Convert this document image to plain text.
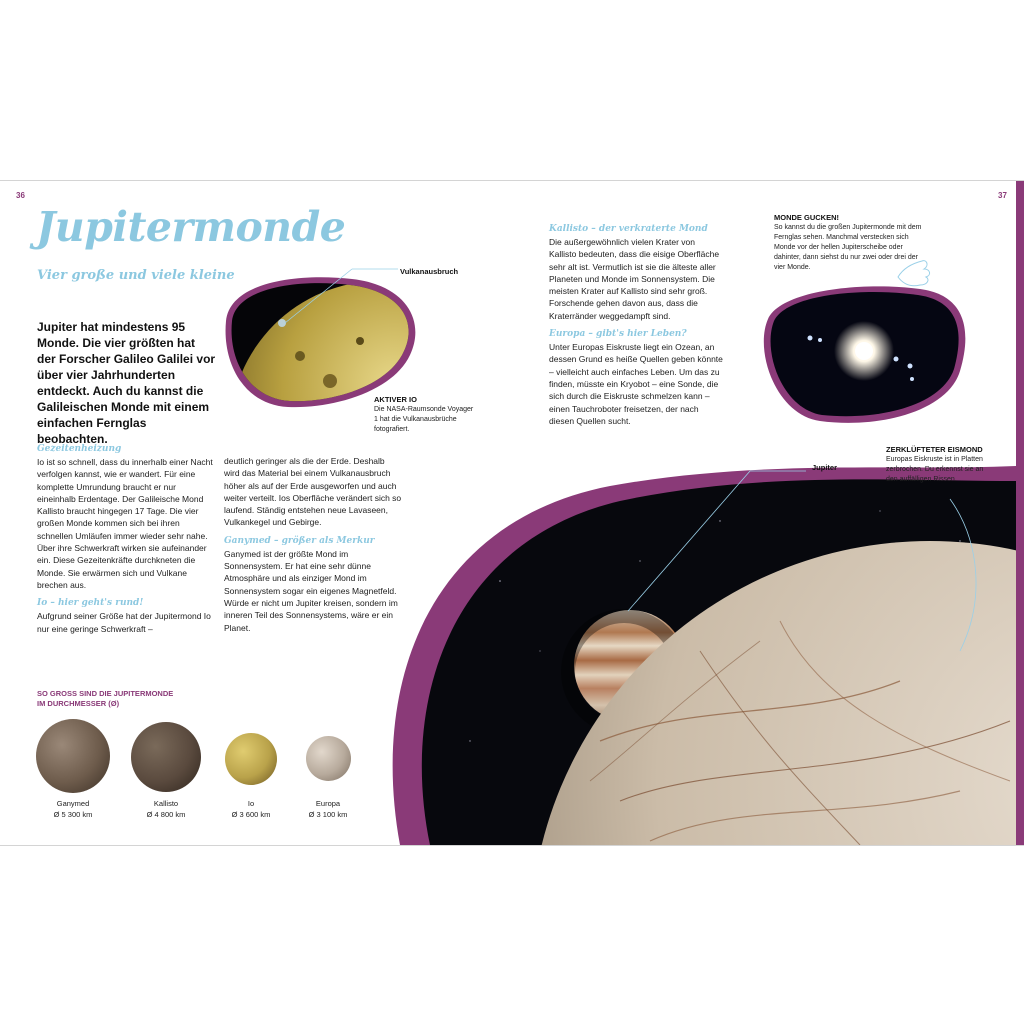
36	37
Jupitermonde
Vier große und viele kleine
Jupiter hat mindestens 95 Monde. Die vier größten hat der Forscher Galileo Galilei vor über vier Jahrhunderten entdeckt. Auch du kannst die Galileischen Monde mit einem einfachen Fernglas beobachten.
Gezeitenheizung

Io ist so schnell, dass du innerhalb einer Nacht verfolgen kannst, wie er wandert. Für eine komplette Umrundung braucht er nur eineinhalb Erdentage. Der Galileische Mond Kallisto braucht hingegen 17 Tage. Die vier großen Monde kommen sich bei ihren schnellen Umläufen immer wieder sehr nahe. Über ihre Schwerkraft wirken sie aufeinander ein. Diese Gezeitenkräfte durchkneten die Monde. Sie erwärmen sich und Vulkane brechen aus.

Io – hier geht's rund!

Aufgrund seiner Größe hat der Jupitermond Io nur eine geringe Schwerkraft –

deutlich geringer als die der Erde. Deshalb wird das Material bei einem Vulkanausbruch höher als auf der Erde ausgeworfen und auch weiter verteilt. Ios Oberfläche verändert sich so laufend. Ständig entstehen neue Lavaseen, Vulkankegel und Gebirge.

Ganymed – größer als Merkur

Ganymed ist der größte Mond im Sonnensystem. Er hat eine sehr dünne Atmosphäre und als einziger Mond im Sonnensystem sogar ein eigenes Magnetfeld. Würde er nicht um Jupiter kreisen, sondern im inneren Teil des Sonnensystems, wäre er ein Planet.

Kallisto – der verkraterte Mond

Die außergewöhnlich vielen Krater von Kallisto bedeuten, dass die eisige Oberfläche sehr alt ist. Vermutlich ist sie die älteste aller Planeten und Monde im Sonnensystem. Die meisten Krater auf Kallisto sind sehr groß. Forschende gehen davon aus, dass die Kraterränder weggedampft sind.

Europa – gibt's hier Leben?

Unter Europas Eiskruste liegt ein Ozean, an dessen Grund es heiße Quellen geben könnte – vielleicht auch einfaches Leben. Um das zu finden, müsste ein Kryobot – eine Sonde, die sich durch die Eiskruste schmelzen kann – einen Tauchroboter freisetzen, der nach diesen Quellen sucht.

Vulkanausbruch
AKTIVER IO
Die NASA-Raumsonde Voyager 1 hat die Vulkanausbrüche fotografiert.
MONDE GUCKEN!
So kannst du die großen Jupitermonde mit dem Fernglas sehen. Manchmal verstecken sich Monde vor der hellen Jupiterscheibe oder dahinter, dann siehst du nur zwei oder drei der vier Monde.
Jupiter
ZERKLÜFTETER EISMOND
Europas Eiskruste ist in Platten zerbrochen. Du erkennst sie an den auffälligen Rissen.
SO GROSS SIND DIE JUPITERMONDE
IM DURCHMESSER (Ø)
Ganymed
Ø 5 300 km
Kallisto
Ø 4 800 km
Io
Ø 3 600 km
Europa
Ø 3 100 km
